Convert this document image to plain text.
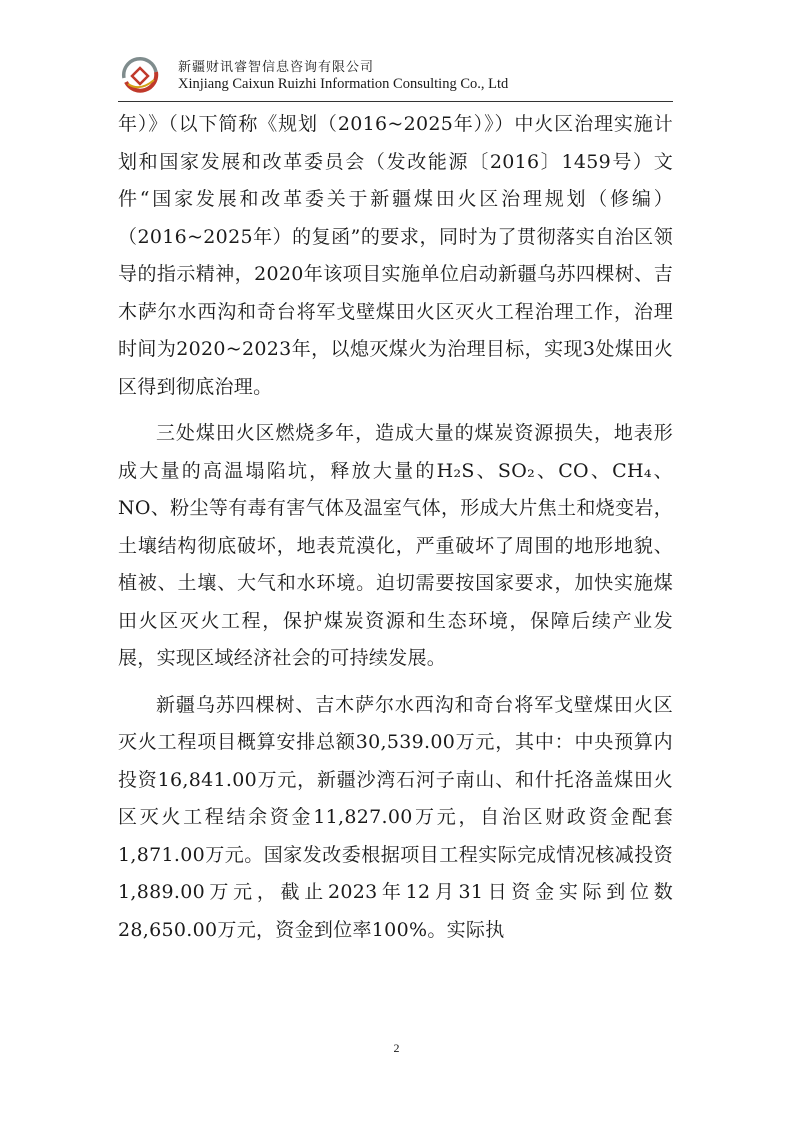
新疆财讯睿智信息咨询有限公司
Xinjiang Caixun Ruizhi Information Consulting Co., Ltd

年）》（以下简称《规划（2016~2025年）》）中火区治理实施计划和国家发展和改革委员会（发改能源〔2016〕1459号）文件“国家发展和改革委关于新疆煤田火区治理规划（修编）（2016~2025年）的复函”的要求，同时为了贯彻落实自治区领导的指示精神，2020年该项目实施单位启动新疆乌苏四棵树、吉木萨尔水西沟和奇台将军戈壁煤田火区灭火工程治理工作，治理时间为2020~2023年，以熄灭煤火为治理目标，实现3处煤田火区得到彻底治理。

三处煤田火区燃烧多年，造成大量的煤炭资源损失，地表形成大量的高温塌陷坑，释放大量的H₂S、SO₂、CO、CH₄、NO、粉尘等有毒有害气体及温室气体，形成大片焦土和烧变岩，土壤结构彻底破坏，地表荒漠化，严重破坏了周围的地形地貌、植被、土壤、大气和水环境。迫切需要按国家要求，加快实施煤田火区灭火工程，保护煤炭资源和生态环境，保障后续产业发展，实现区域经济社会的可持续发展。

新疆乌苏四棵树、吉木萨尔水西沟和奇台将军戈壁煤田火区灭火工程项目概算安排总额30,539.00万元，其中：中央预算内投资16,841.00万元，新疆沙湾石河子南山、和什托洛盖煤田火区灭火工程结余资金11,827.00万元，自治区财政资金配套1,871.00万元。国家发改委根据项目工程实际完成情况核减投资1,889.00万元，截止2023年12月31日资金实际到位数28,650.00万元，资金到位率100%。实际执

2
